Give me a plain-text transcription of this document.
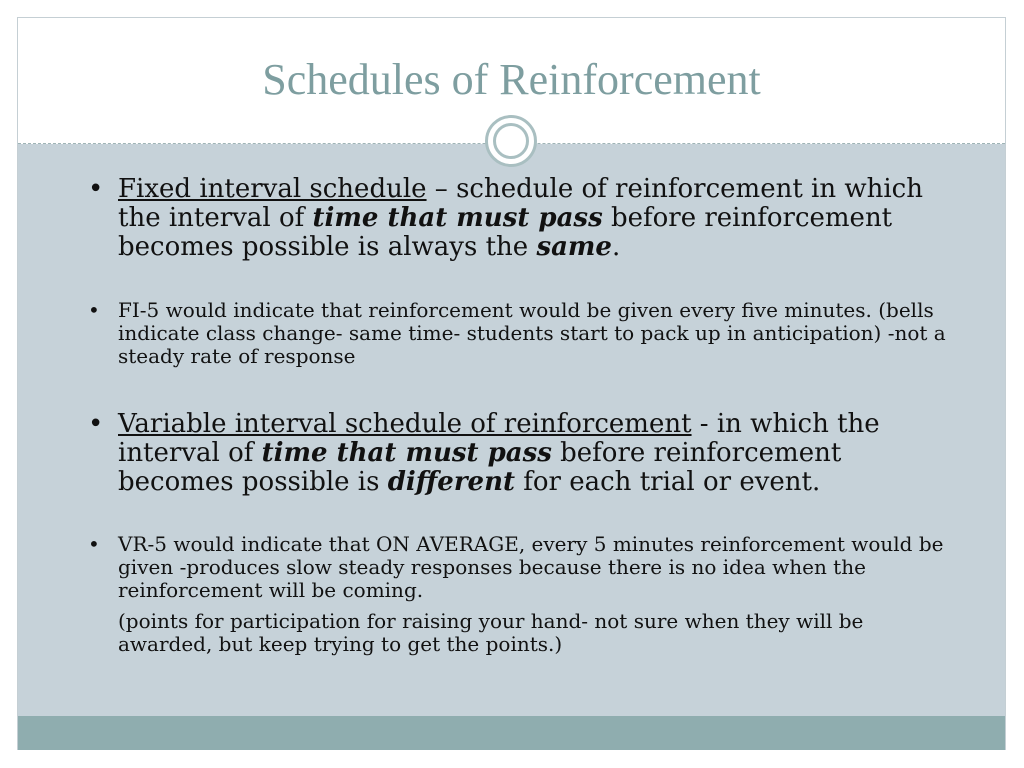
Schedules of Reinforcement
• Fixed interval schedule – schedule of reinforcement in which the interval of time that must pass before reinforcement becomes possible is always the same.
• FI-5 would indicate that reinforcement would be given every five minutes. (bells indicate class change- same time- students start to pack up in anticipation) -not a steady rate of response
• Variable interval schedule of reinforcement - in which the interval of time that must pass before reinforcement becomes possible is different for each trial or event.
• VR-5 would indicate that ON AVERAGE, every 5 minutes reinforcement would be given -produces slow steady responses because there is no idea when the reinforcement will be coming.
(points for participation for raising your hand- not sure when they will be awarded, but keep trying to get the points.)
